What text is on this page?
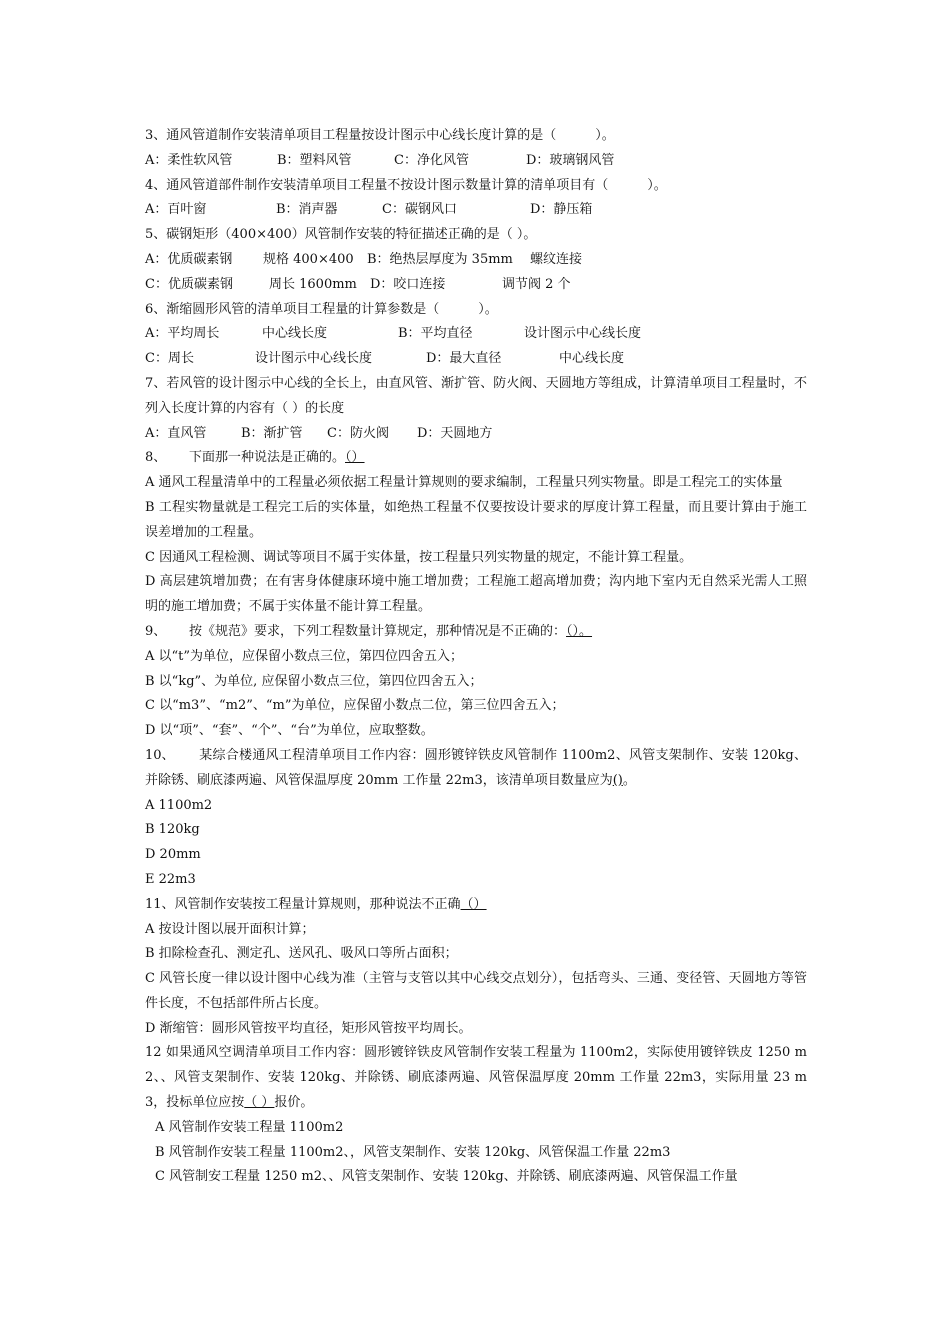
3、通风管道制作安装清单项目工程量按设计图示中心线长度计算的是（　　　）。
A：柔性软风管	B：塑料风管	C：净化风管	D：玻璃钢风管
4、通风管道部件制作安装清单项目工程量不按设计图示数量计算的清单项目有（　　　）。
A：百叶窗	B：消声器	C：碳钢风口	D：静压箱
5、碳钢矩形（400×400）风管制作安装的特征描述正确的是（ ）。
A：优质碳素钢 规格 400×400 B：绝热层厚度为 35mm 螺纹连接
C：优质碳素钢	周长 1600mm D：咬口连接	调节阀 2 个
6、渐缩圆形风管的清单项目工程量的计算参数是（　　　）。
A：平均周长	中心线长度	B：平均直径	设计图示中心线长度
C：周长	设计图示中心线长度	D：最大直径	中心线长度
7、若风管的设计图示中心线的全长上，由直风管、渐扩管、防火阀、天圆地方等组成，计算清单项目工程量时，不列入长度计算的内容有（ ）的长度
A：直风管	B：渐扩管 C：防火阀 D：天圆地方
8、 下面那一种说法是正确的。（）
A 通风工程量清单中的工程量必须依据工程量计算规则的要求编制，工程量只列实物量。即是工程完工的实体量
B 工程实物量就是工程完工后的实体量，如绝热工程量不仅要按设计要求的厚度计算工程量，而且要计算由于施工误差增加的工程量。
C 因通风工程检测、调试等项目不属于实体量，按工程量只列实物量的规定，不能计算工程量。
D 高层建筑增加费；在有害身体健康环境中施工增加费；工程施工超高增加费；沟内地下室内无自然采光需人工照明的施工增加费；不属于实体量不能计算工程量。
9、 按《规范》要求，下列工程数量计算规定，那种情况是不正确的：（）。
A 以“t”为单位，应保留小数点三位，第四位四舍五入；
B 以“kg”、为单位, 应保留小数点三位，第四位四舍五入；
C 以“m3”、“m2”、“m”为单位，应保留小数点二位，第三位四舍五入；
D 以“项”、“套”、“个”、“台”为单位，应取整数。
10、 某综合楼通风工程清单项目工作内容：圆形镀锌铁皮风管制作 1100m2、风管支架制作、安装 120kg、并除锈、刷底漆两遍、风管保温厚度 20mm 工作量 22m3，该清单项目数量应为()。
A 1100m2
B 120kg
D 20mm
E 22m3
11、风管制作安装按工程量计算规则，那种说法不正确（）
A 按设计图以展开面积计算；
B 扣除检查孔、测定孔、送风孔、吸风口等所占面积；
C 风管长度一律以设计图中心线为准（主管与支管以其中心线交点划分），包括弯头、三通、变径管、天圆地方等管件长度，不包括部件所占长度。
D 渐缩管：圆形风管按平均直径，矩形风管按平均周长。
12 如果通风空调清单项目工作内容：圆形镀锌铁皮风管制作安装工程量为 1100m2，实际使用镀锌铁皮 1250 m2、、风管支架制作、安装 120kg、并除锈、刷底漆两遍、风管保温厚度 20mm 工作量 22m3，实际用量 23 m3，投标单位应按（ ）报价。
A 风管制作安装工程量 1100m2
B 风管制作安装工程量 1100m2、，风管支架制作、安装 120kg、风管保温工作量 22m3
C 风管制安工程量 1250 m2、、风管支架制作、安装 120kg、并除锈、刷底漆两遍、风管保温工作量
